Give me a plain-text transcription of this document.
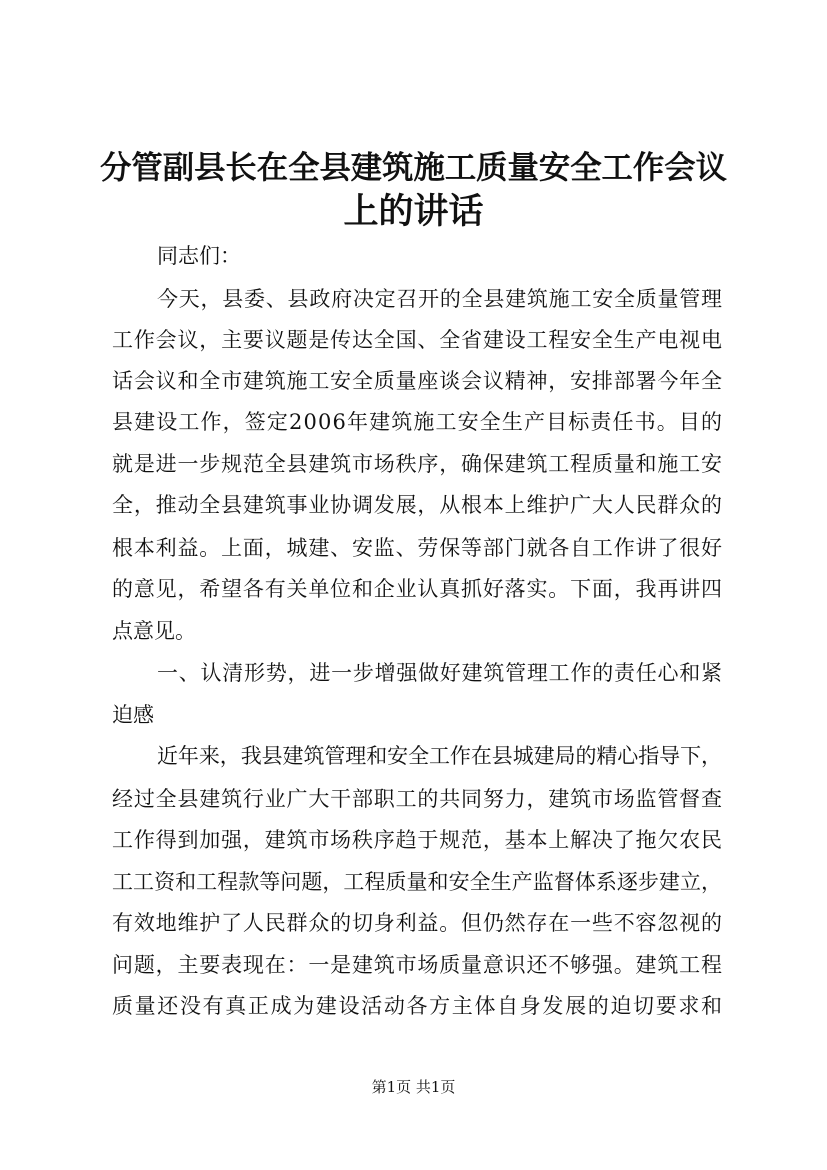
分管副县长在全县建筑施工质量安全工作会议
上的讲话
同志们：
今天，县委、县政府决定召开的全县建筑施工安全质量管理
工作会议，主要议题是传达全国、全省建设工程安全生产电视电
话会议和全市建筑施工安全质量座谈会议精神，安排部署今年全
县建设工作，签定2006年建筑施工安全生产目标责任书。目的
就是进一步规范全县建筑市场秩序，确保建筑工程质量和施工安
全，推动全县建筑事业协调发展，从根本上维护广大人民群众的
根本利益。上面，城建、安监、劳保等部门就各自工作讲了很好
的意见，希望各有关单位和企业认真抓好落实。下面，我再讲四
点意见。
一、认清形势，进一步增强做好建筑管理工作的责任心和紧
迫感
近年来，我县建筑管理和安全工作在县城建局的精心指导下，
经过全县建筑行业广大干部职工的共同努力，建筑市场监管督查
工作得到加强，建筑市场秩序趋于规范，基本上解决了拖欠农民
工工资和工程款等问题，工程质量和安全生产监督体系逐步建立，
有效地维护了人民群众的切身利益。但仍然存在一些不容忽视的
问题，主要表现在：一是建筑市场质量意识还不够强。建筑工程
质量还没有真正成为建设活动各方主体自身发展的迫切要求和
第1页 共1页
